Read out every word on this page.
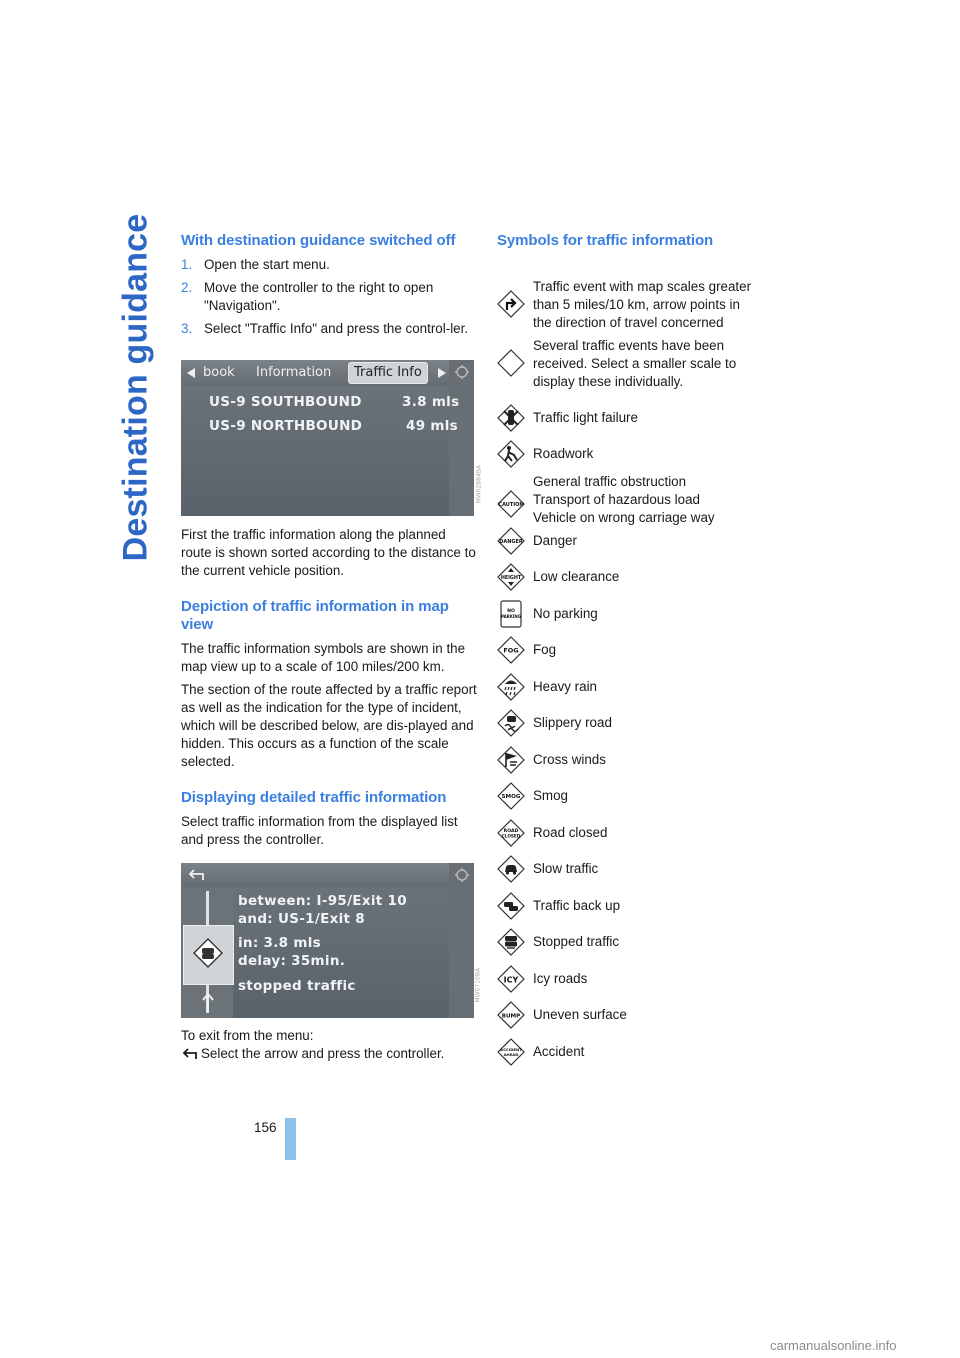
Destination guidance With destination guidance switched off
1. Open the start menu.
2. Move the controller to the right to open "Navigation".
3. Select "Traffic Info" and press the control-ler.
book Information	Traffic Info
US-9 SOUTHBOUND	3.8 mls
US-9 NORTHBOUND	49 mls
MW02884BA

First the traffic information along the planned route is shown sorted according to the distance to the current vehicle position.

Depiction of traffic information in map view

The traffic information symbols are shown in the map view up to a scale of 100 miles/200 km.

The section of the route affected by a traffic report as well as the indication for the type of incident, which will be described below, are dis-played and hidden. This occurs as a function of the scale selected.

Displaying detailed traffic information

Select traffic information from the displayed list and press the controller.

between: I-95/Exit 10
and: US-1/Exit 8
in: 3.8 mls
delay: 35min.
stopped traffic	MW0710BA

To exit from the menu:

Select the arrow and press the controller.

Symbols for traffic information
Traffic event with map scales greater
than 5 miles/10 km, arrow points in
the direction of travel concerned
Several traffic events have been
received. Select a smaller scale to
display these individually.
Traffic light failure
Roadwork
CAUTION
General traffic obstruction
Transport of hazardous load
Vehicle on wrong carriage way
DANGER Danger
HEIGHT Low clearance
NO
PARKING No parking
FOG Fog
Heavy rain
Slippery road
Cross winds
SMOG Smog
ROAD
CLOSED Road closed
Slow traffic
Traffic back up
Stopped traffic
ICY Icy roads
BUMP Uneven surface
ACCIDENT
AHEAD Accident
156
carmanualsonline.info
